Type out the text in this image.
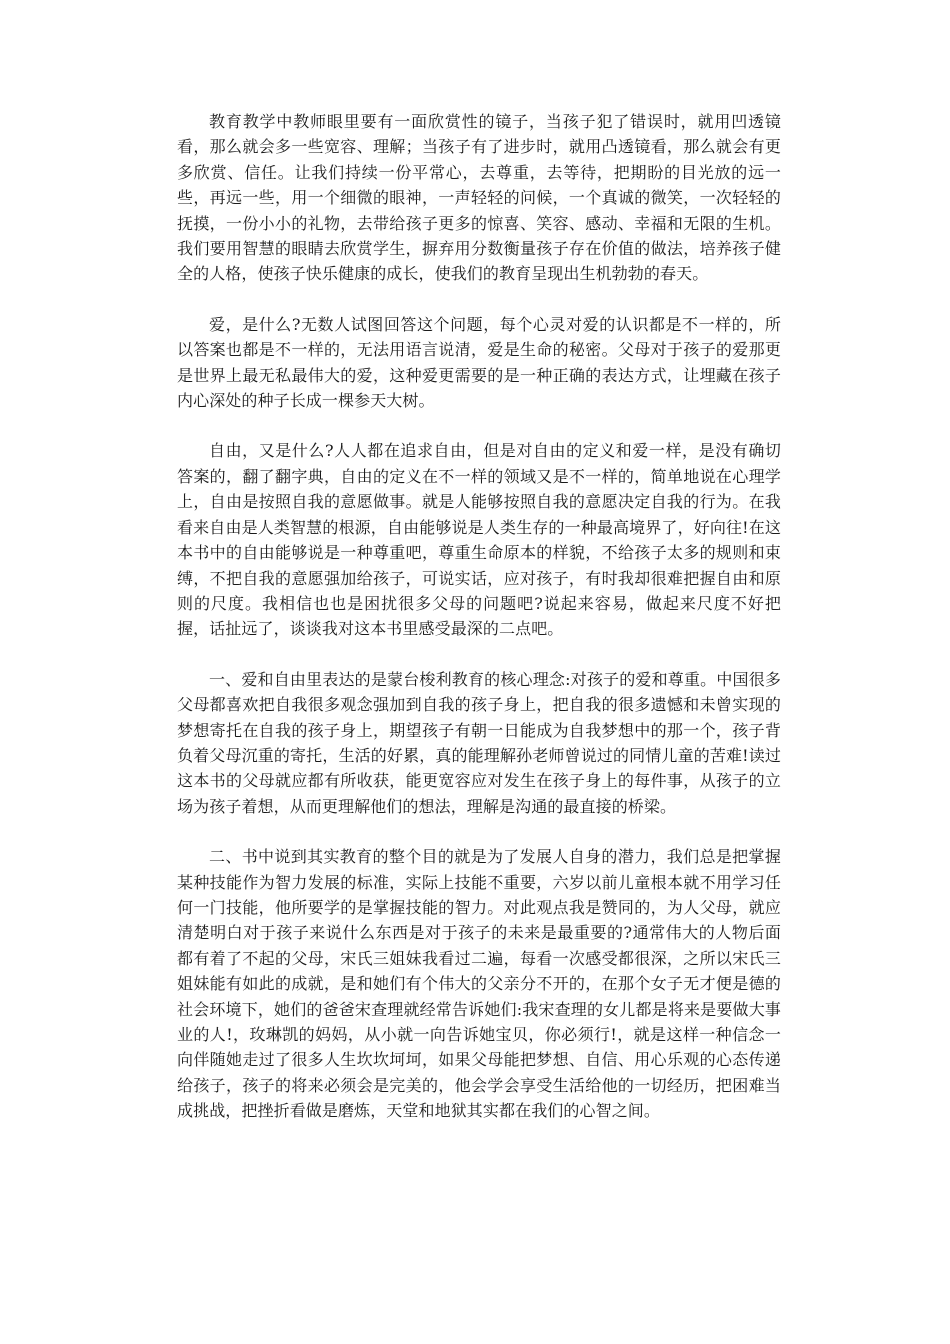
教育教学中教师眼里要有一面欣赏性的镜子，当孩子犯了错误时，就用凹透镜看，那么就会多一些宽容、理解；当孩子有了进步时，就用凸透镜看，那么就会有更多欣赏、信任。让我们持续一份平常心，去尊重，去等待，把期盼的目光放的远一些，再远一些，用一个细微的眼神，一声轻轻的问候，一个真诚的微笑，一次轻轻的抚摸，一份小小的礼物，去带给孩子更多的惊喜、笑容、感动、幸福和无限的生机。我们要用智慧的眼睛去欣赏学生，摒弃用分数衡量孩子存在价值的做法，培养孩子健全的人格，使孩子快乐健康的成长，使我们的教育呈现出生机勃勃的春天。

爱，是什么?无数人试图回答这个问题，每个心灵对爱的认识都是不一样的，所以答案也都是不一样的，无法用语言说清，爱是生命的秘密。父母对于孩子的爱那更是世界上最无私最伟大的爱，这种爱更需要的是一种正确的表达方式，让埋藏在孩子内心深处的种子长成一棵参天大树。

自由，又是什么?人人都在追求自由，但是对自由的定义和爱一样，是没有确切答案的，翻了翻字典，自由的定义在不一样的领域又是不一样的，简单地说在心理学上，自由是按照自我的意愿做事。就是人能够按照自我的意愿决定自我的行为。在我看来自由是人类智慧的根源，自由能够说是人类生存的一种最高境界了，好向往!在这本书中的自由能够说是一种尊重吧，尊重生命原本的样貌，不给孩子太多的规则和束缚，不把自我的意愿强加给孩子，可说实话，应对孩子，有时我却很难把握自由和原则的尺度。我相信也也是困扰很多父母的问题吧?说起来容易，做起来尺度不好把握，话扯远了，谈谈我对这本书里感受最深的二点吧。

一、爱和自由里表达的是蒙台梭利教育的核心理念:对孩子的爱和尊重。中国很多父母都喜欢把自我很多观念强加到自我的孩子身上，把自我的很多遗憾和未曾实现的梦想寄托在自我的孩子身上，期望孩子有朝一日能成为自我梦想中的那一个，孩子背负着父母沉重的寄托，生活的好累，真的能理解孙老师曾说过的同情儿童的苦难!读过这本书的父母就应都有所收获，能更宽容应对发生在孩子身上的每件事，从孩子的立场为孩子着想，从而更理解他们的想法，理解是沟通的最直接的桥梁。

二、书中说到其实教育的整个目的就是为了发展人自身的潜力，我们总是把掌握某种技能作为智力发展的标准，实际上技能不重要，六岁以前儿童根本就不用学习任何一门技能，他所要学的是掌握技能的智力。对此观点我是赞同的，为人父母，就应清楚明白对于孩子来说什么东西是对于孩子的未来是最重要的?通常伟大的人物后面都有着了不起的父母，宋氏三姐妹我看过二遍，每看一次感受都很深，之所以宋氏三姐妹能有如此的成就，是和她们有个伟大的父亲分不开的，在那个女子无才便是德的社会环境下，她们的爸爸宋查理就经常告诉她们:我宋查理的女儿都是将来是要做大事业的人!，玫琳凯的妈妈，从小就一向告诉她宝贝，你必须行!，就是这样一种信念一向伴随她走过了很多人生坎坎坷坷，如果父母能把梦想、自信、用心乐观的心态传递给孩子，孩子的将来必须会是完美的，他会学会享受生活给他的一切经历，把困难当成挑战，把挫折看做是磨炼，天堂和地狱其实都在我们的心智之间。
